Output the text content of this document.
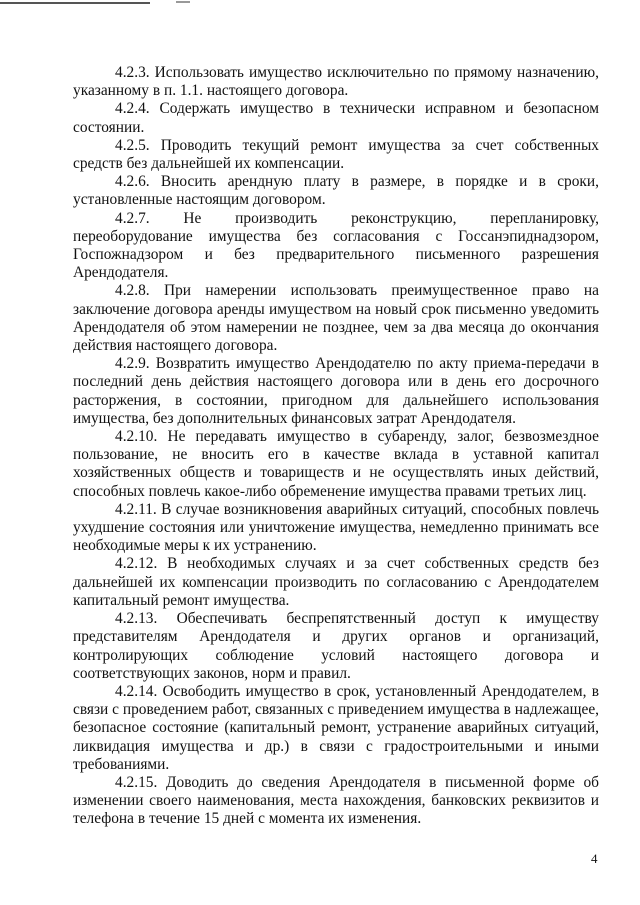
4.2.3. Использовать имущество исключительно по прямому назначению, указанному в п. 1.1. настоящего договора.

4.2.4. Содержать имущество в технически исправном и безопасном состоянии.

4.2.5. Проводить текущий ремонт имущества за счет собственных средств без дальнейшей их компенсации.

4.2.6. Вносить арендную плату в размере, в порядке и в сроки, установленные настоящим договором.

4.2.7. Не производить реконструкцию, перепланировку, переоборудование имущества без согласования с Госсанэпиднадзором, Госпожнадзором и без предварительного письменного разрешения Арендодателя.

4.2.8. При намерении использовать преимущественное право на заключение договора аренды имуществом на новый срок письменно уведомить Арендодателя об этом намерении не позднее, чем за два месяца до окончания действия настоящего договора.

4.2.9. Возвратить имущество Арендодателю по акту приема-передачи в последний день действия настоящего договора или в день его досрочного расторжения, в состоянии, пригодном для дальнейшего использования имущества, без дополнительных финансовых затрат Арендодателя.

4.2.10. Не передавать имущество в субаренду, залог, безвозмездное пользование, не вносить его в качестве вклада в уставной капитал хозяйственных обществ и товариществ и не осуществлять иных действий, способных повлечь какое-либо обременение имущества правами третьих лиц.

4.2.11. В случае возникновения аварийных ситуаций, способных повлечь ухудшение состояния или уничтожение имущества, немедленно принимать все необходимые меры к их устранению.

4.2.12. В необходимых случаях и за счет собственных средств без дальнейшей их компенсации производить по согласованию с Арендодателем капитальный ремонт имущества.

4.2.13. Обеспечивать беспрепятственный доступ к имуществу представителям Арендодателя и других органов и организаций, контролирующих соблюдение условий настоящего договора и соответствующих законов, норм и правил.

4.2.14. Освободить имущество в срок, установленный Арендодателем, в связи с проведением работ, связанных с приведением имущества в надлежащее, безопасное состояние (капитальный ремонт, устранение аварийных ситуаций, ликвидация имущества и др.) в связи с градостроительными и иными требованиями.

4.2.15. Доводить до сведения Арендодателя в письменной форме об изменении своего наименования, места нахождения, банковских реквизитов и телефона в течение 15 дней с момента их изменения.

4
